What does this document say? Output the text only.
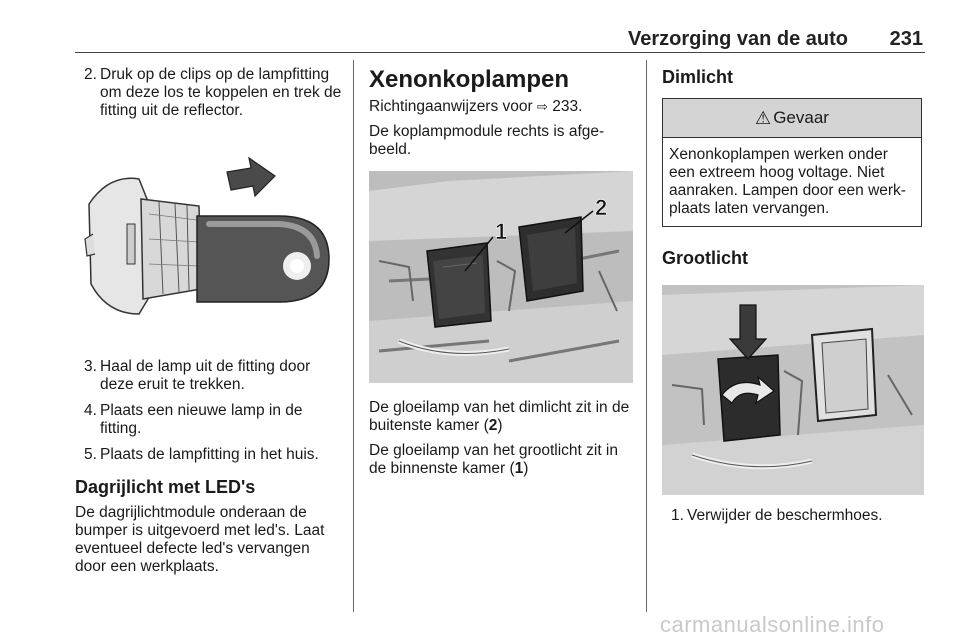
Verzorging van de auto 231
2. Druk op de clips op de lampfitting om deze los te koppelen en trek de fitting uit de reflector.
3. Haal de lamp uit de fitting door deze eruit te trekken.
4. Plaats een nieuwe lamp in de fitting.
5. Plaats de lampfitting in het huis.
Dagrijlicht met LED's

De dagrijlichtmodule onderaan de bumper is uitgevoerd met led's. Laat eventueel defecte led's vervangen door een werkplaats.

Xenonkoplampen

Richtingaanwijzers voor ⇨ 233.

De koplampmodule rechts is afge- beeld.

1
2

De gloeilamp van het dimlicht zit in de buitenste kamer (2)

De gloeilamp van het grootlicht zit in de binnenste kamer (1)

Dimlicht
⚠ Gevaar
Xenonkoplampen werken onder een extreem hoog voltage. Niet aanraken. Lampen door een werk- plaats laten vervangen.
Grootlicht
1. Verwijder de beschermhoes.
carmanualsonline.info
